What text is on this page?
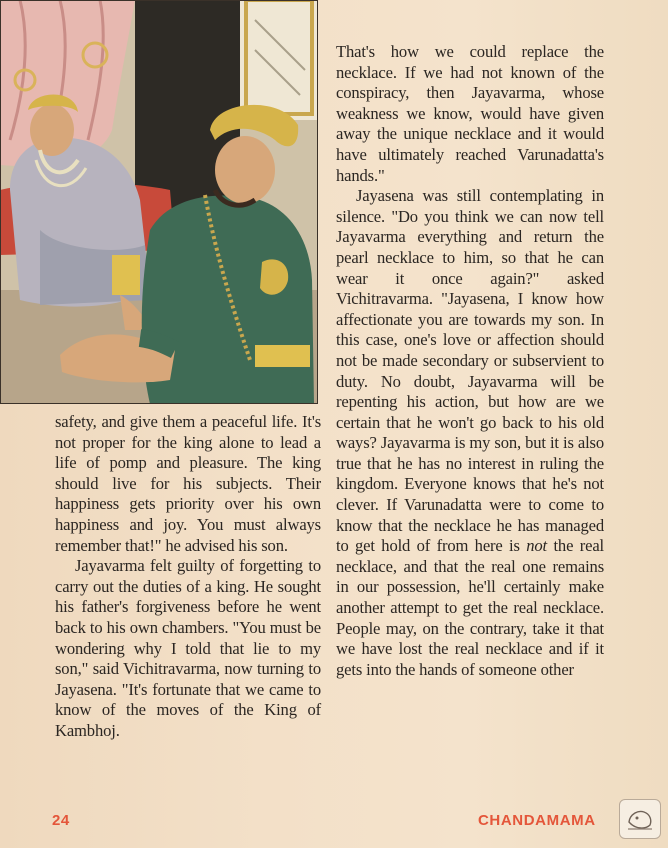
That's how we could replace the necklace. If we had not known of the conspiracy, then Jayavarma, whose weakness we know, would have given away the unique necklace and it would have ultimately reached Varunadatta's hands."

Jayasena was still contemplating in silence. "Do you think we can now tell Jayavarma everything and return the pearl necklace to him, so that he can wear it once again?" asked Vichitravarma. "Jayasena, I know how affectionate you are towards my son. In this case, one's love or affection should not be made secondary or subservient to duty. No doubt, Jayavarma will be repenting his action, but how are we certain that he won't go back to his old ways? Jayavarma is my son, but it is also true that he has no interest in ruling the kingdom. Everyone knows that he's not clever. If Varunadatta were to come to know that the necklace he has managed to get hold of from here is not the real necklace, and that the real one remains in our possession, he'll certainly make another attempt to get the real necklace. People may, on the contrary, take it that we have lost the real necklace and if it gets into the hands of someone other

safety, and give them a peaceful life. It's not proper for the king alone to lead a life of pomp and pleasure. The king should live for his subjects. Their happiness gets priority over his own happiness and joy. You must always remember that!" he advised his son.

Jayavarma felt guilty of forgetting to carry out the duties of a king. He sought his father's forgiveness before he went back to his own chambers. "You must be wondering why I told that lie to my son," said Vichitravarma, now turning to Jayasena. "It's fortunate that we came to know of the moves of the King of Kambhoj.

24	CHANDAMAMA
